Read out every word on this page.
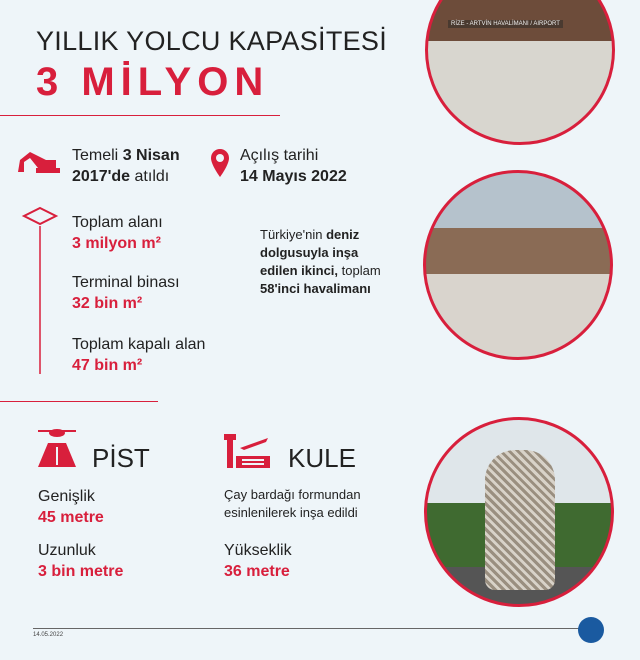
YILLIK YOLCU KAPASİTESİ
3 MİLYON
Temeli 3 Nisan
2017'de atıldı
Açılış tarihi
14 Mayıs 2022
Toplam alanı
3 milyon m²
Terminal binası
32 bin m²
Toplam kapalı alan
47 bin m²
Türkiye'nin deniz dolgusuyla inşa edilen ikinci, toplam 58'inci havalimanı
PİST
Genişlik
45 metre
Uzunluk
3 bin metre
KULE
Çay bardağı formundan esinlenilerek inşa edildi
Yükseklik
36 metre
RİZE - ARTVİN HAVALİMANI / AIRPORT
14.05.2022
